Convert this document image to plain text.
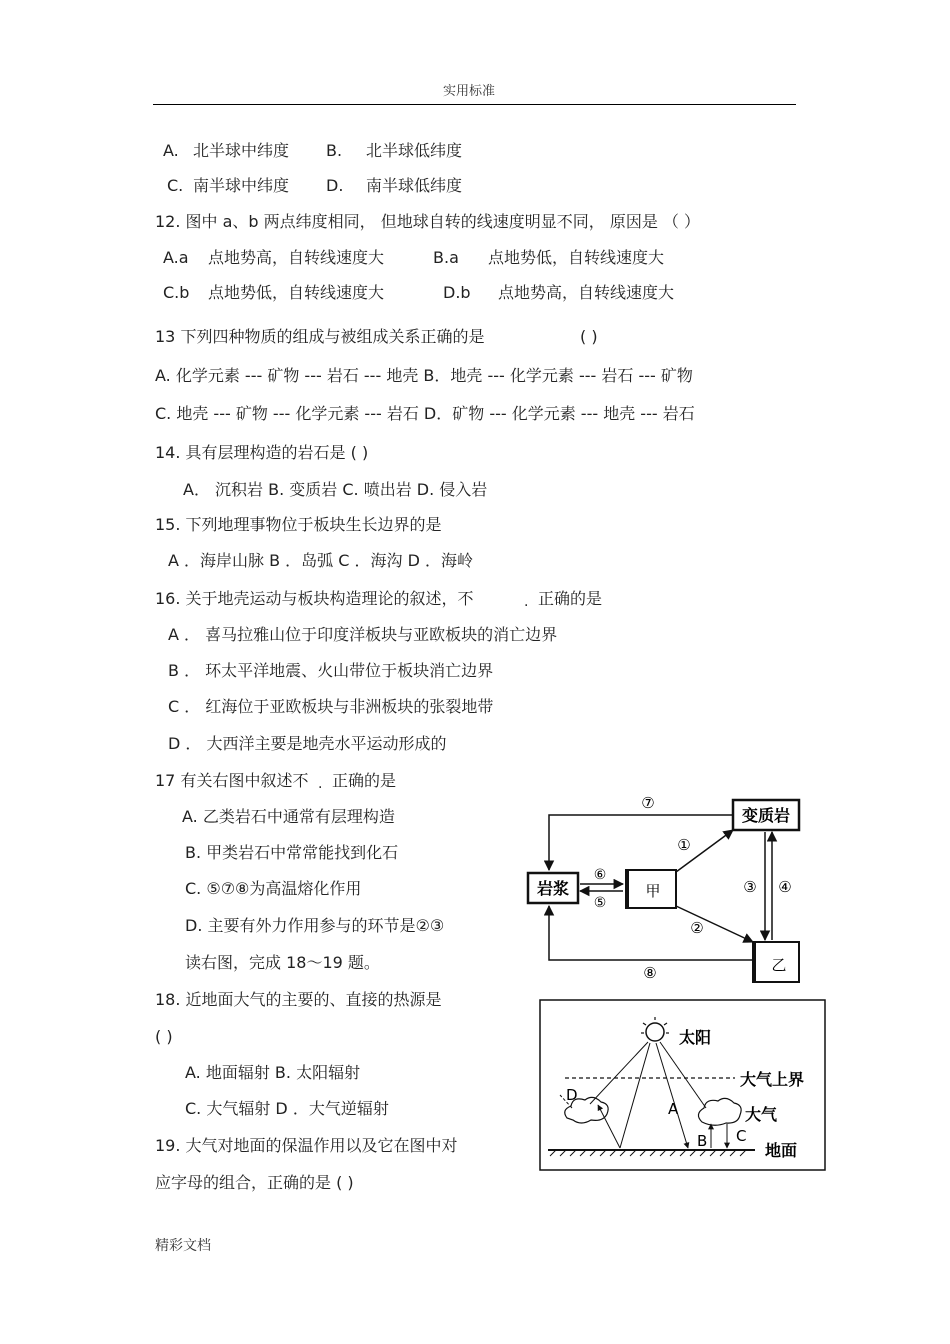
实用标准
A. 北半球中纬度 B. 北半球低纬度
C. 南半球中纬度 D. 南半球低纬度
12. 图中 a、b 两点纬度相同， 但地球自转的线速度明显不同， 原因是 （ ）
A.a 点地势高，自转线速度大	B.a 点地势低，自转线速度大
C.b 点地势低，自转线速度大	D.b 点地势高，自转线速度大
13 下列四种物质的组成与被组成关系正确的是	( )
A. 化学元素 --- 矿物 --- 岩石 --- 地壳 B．地壳 --- 化学元素 --- 岩石 --- 矿物
C. 地壳 --- 矿物 --- 化学元素 --- 岩石 D．矿物 --- 化学元素 --- 地壳 --- 岩石
14. 具有层理构造的岩石是 ( )
A． 沉积岩 B. 变质岩 C. 喷出岩 D. 侵入岩
15. 下列地理事物位于板块生长边界的是
A ．海岸山脉 B ．岛弧 C ．海沟 D ．海岭
16. 关于地壳运动与板块构造理论的叙述，不	. 正确的是
A ． 喜马拉雅山位于印度洋板块与亚欧板块的消亡边界
B ． 环太平洋地震、火山带位于板块消亡边界
C ． 红海位于亚欧板块与非洲板块的张裂地带
D ． 大西洋主要是地壳水平运动形成的
17 有关右图中叙述不 . 正确的是
A. 乙类岩石中通常有层理构造
B. 甲类岩石中常常能找到化石
C. ⑤⑦⑧为高温熔化作用
D. 主要有外力作用参与的环节是②③
读右图，完成 18～19 题。
18. 近地面大气的主要的、直接的热源是
( )
A. 地面辐射 B. 太阳辐射
C. 大气辐射 D ．大气逆辐射
19. 大气对地面的保温作用以及它在图中对
应字母的组合，正确的是 ( )
精彩文档
岩浆
变质岩
甲
乙
⑦
⑧
⑥
⑤
①
②
③ ④
太阳
大气上界
地面
大气
A
B C
D
